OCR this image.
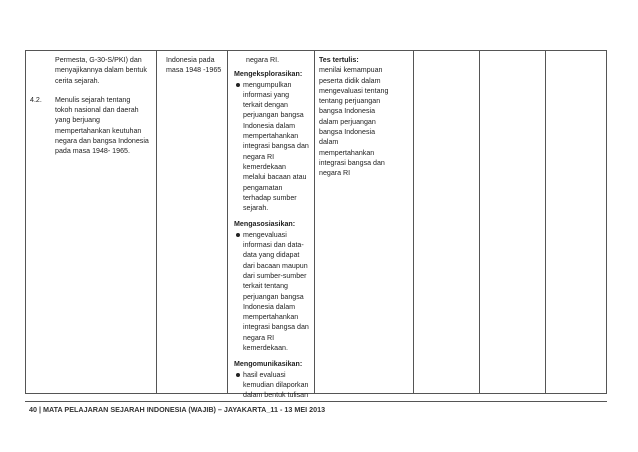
Permesta, G-30-S/PKI) dan
menyajikannya dalam bentuk
cerita sejarah.
4.2.	Menulis sejarah tentang
tokoh nasional dan daerah
yang berjuang
mempertahankan keutuhan
negara dan bangsa Indonesia
pada masa 1948- 1965.
Indonesia pada
masa 1948 -1965
negara RI.
Mengeksplorasikan:
mengumpulkan
informasi yang
terkait dengan
perjuangan bangsa
Indonesia dalam
mempertahankan
integrasi bangsa dan
negara RI
kemerdekaan
melalui bacaan atau
pengamatan
terhadap sumber
sejarah.
Mengasosiasikan:
mengevaluasi
informasi dan data-
data yang didapat
dari bacaan maupun
dari sumber-sumber
terkait tentang
perjuangan bangsa
Indonesia dalam
mempertahankan
integrasi bangsa dan
negara RI
kemerdekaan.
Mengomunikasikan:
hasil evaluasi
kemudian dilaporkan
dalam bentuk tulisan
Tes tertulis:
menilai kemampuan
peserta didik dalam
mengevaluasi tentang
tentang perjuangan
bangsa Indonesia
dalam perjuangan
bangsa Indonesia
dalam
mempertahankan
integrasi bangsa dan
negara RI
40 | MATA PELAJARAN SEJARAH INDONESIA (WAJIB) – JAYAKARTA_11 - 13 MEI 2013
